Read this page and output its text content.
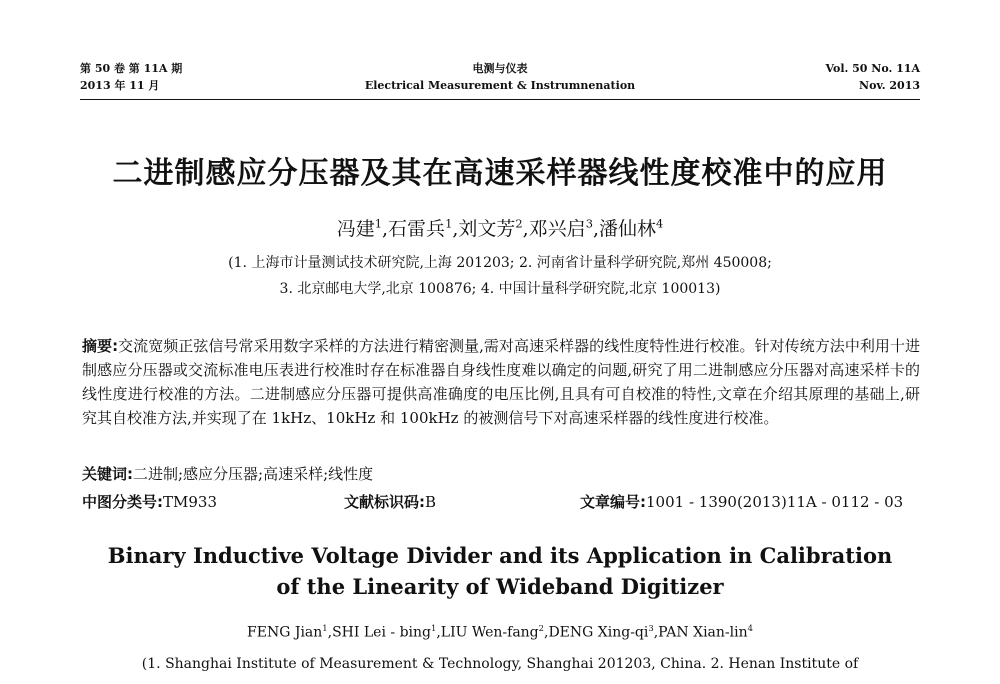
第 50 卷 第 11A 期
2013 年 11 月
电测与仪表
Electrical Measurement & Instrumnenation
Vol. 50 No. 11A
Nov. 2013
二进制感应分压器及其在高速采样器线性度校准中的应用
冯建$^1$,石雷兵$^1$,刘文芳$^2$,邓兴启$^3$,潘仙林$^4$
(1. 上海市计量测试技术研究院,上海 201203; 2. 河南省计量科学研究院,郑州 450008;
3. 北京邮电大学,北京 100876; 4. 中国计量科学研究院,北京 100013)
摘要:交流宽频正弦信号常采用数字采样的方法进行精密测量,需对高速采样器的线性度特性进行校准。针对传统方法中利用十进制感应分压器或交流标准电压表进行校准时存在标准器自身线性度难以确定的问题,研究了用二进制感应分压器对高速采样卡的线性度进行校准的方法。二进制感应分压器可提供高准确度的电压比例,且具有可自校准的特性,文章在介绍其原理的基础上,研究其自校准方法,并实现了在 1kHz、10kHz 和 100kHz 的被测信号下对高速采样器的线性度进行校准。
关键词:二进制;感应分压器;高速采样;线性度
中图分类号:TM933	文献标识码:B	文章编号:1001 - 1390(2013)11A - 0112 - 03
Binary Inductive Voltage Divider and its Application in Calibration
of the Linearity of Wideband Digitizer
FENG Jian$^1$,SHI Lei - bing$^1$,LIU Wen-fang$^2$,DENG Xing-$qi^3,PAN$ Xian-lin$^4$
(1. Shanghai Institute of Measurement & Technology, Shanghai 201203, China. 2. Henan Institute of
